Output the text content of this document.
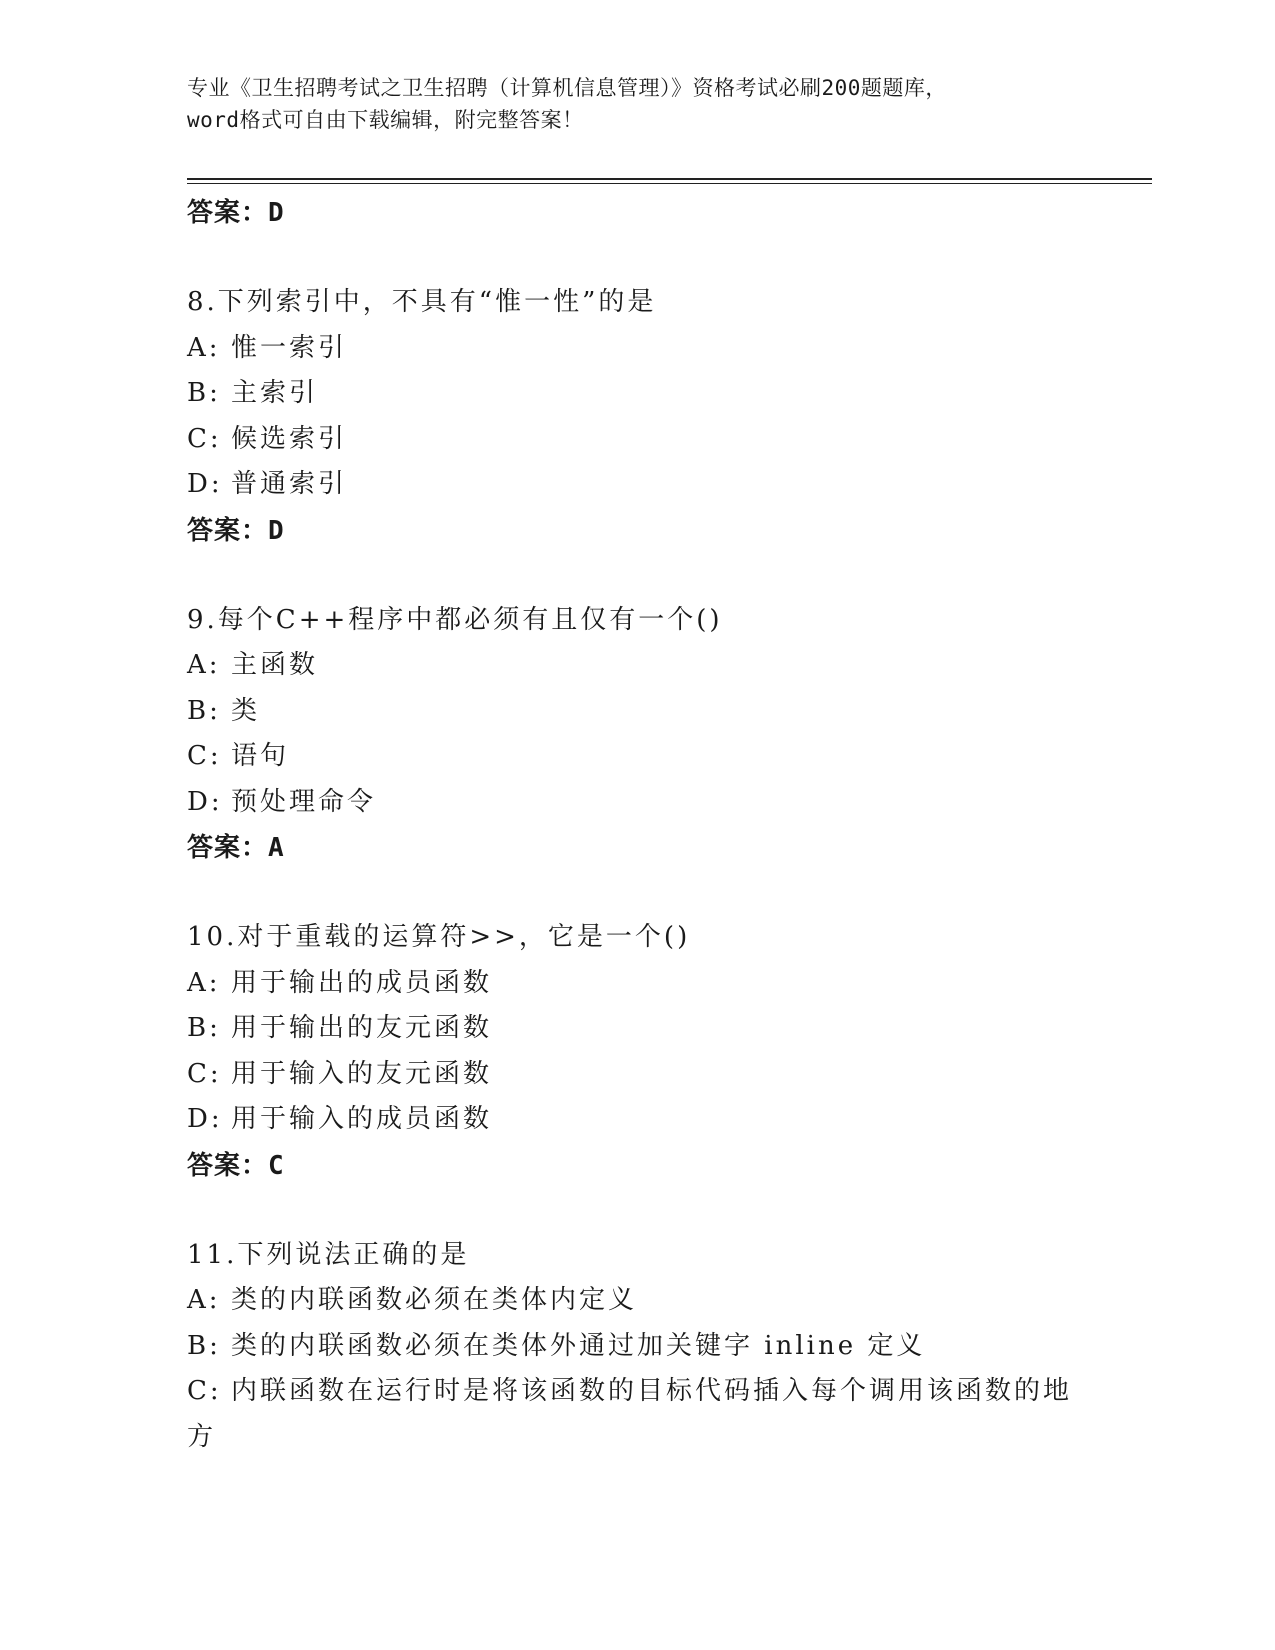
专业《卫生招聘考试之卫生招聘（计算机信息管理）》资格考试必刷200题题库，
word格式可自由下载编辑，附完整答案！

答案：D

8.下列索引中，不具有“惟一性”的是

A: 惟一索引

B: 主索引

C: 候选索引

D: 普通索引

答案：D

9.每个C++程序中都必须有且仅有一个()

A: 主函数

B: 类

C: 语句

D: 预处理命令

答案：A

10.对于重载的运算符>>，它是一个()

A: 用于输出的成员函数

B: 用于输出的友元函数

C: 用于输入的友元函数

D: 用于输入的成员函数

答案：C

11.下列说法正确的是

A: 类的内联函数必须在类体内定义

B: 类的内联函数必须在类体外通过加关键字 inline 定义

C: 内联函数在运行时是将该函数的目标代码插入每个调用该函数的地

方
